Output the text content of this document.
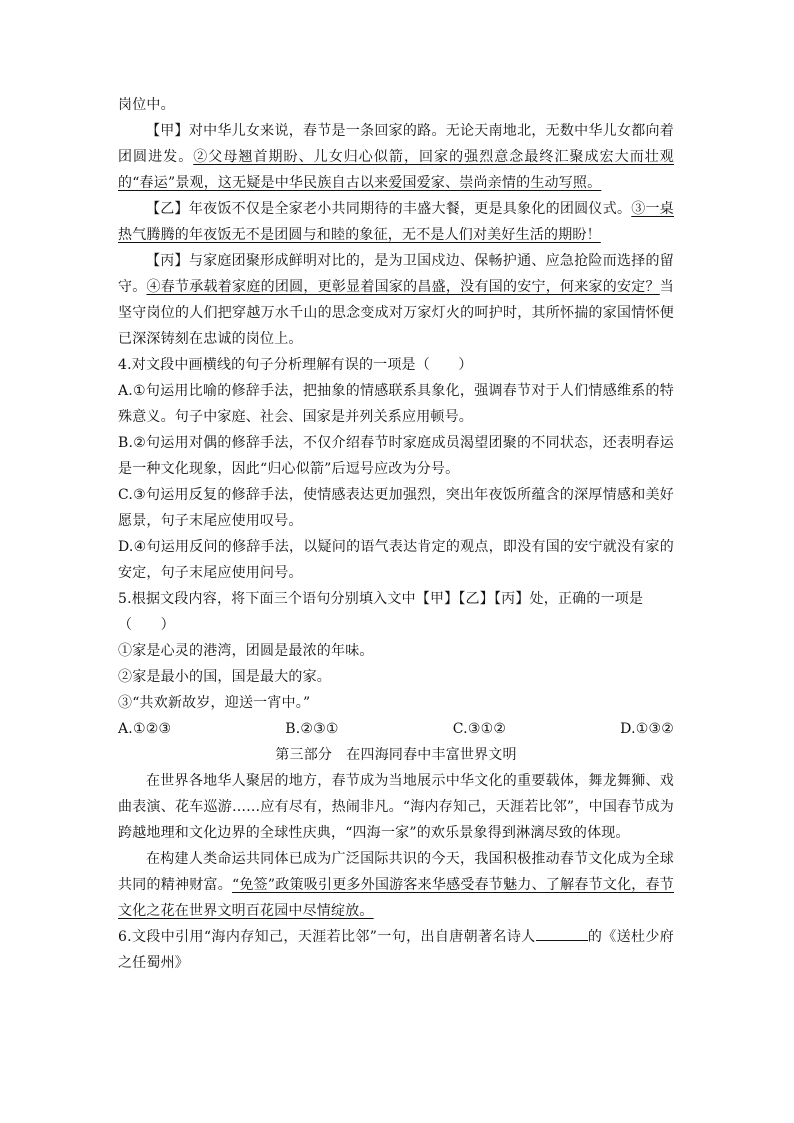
岗位中。
【甲】对中华儿女来说，春节是一条回家的路。无论天南地北，无数中华儿女都向着团圆进发。②父母翘首期盼、儿女归心似箭，回家的强烈意念最终汇聚成宏大而壮观的“春运”景观，这无疑是中华民族自古以来爱国爱家、崇尚亲情的生动写照。
【乙】年夜饭不仅是全家老小共同期待的丰盛大餐，更是具象化的团圆仪式。③一桌热气腾腾的年夜饭无不是团圆与和睦的象征，无不是人们对美好生活的期盼！
【丙】与家庭团聚形成鲜明对比的，是为卫国戍边、保畅护通、应急抢险而选择的留守。④春节承载着家庭的团圆，更彰显着国家的昌盛，没有国的安宁，何来家的安定？当坚守岗位的人们把穿越万水千山的思念变成对万家灯火的呵护时，其所怀揣的家国情怀便已深深铸刻在忠诚的岗位上。
4.对文段中画横线的句子分析理解有误的一项是（　　）
A.①句运用比喻的修辞手法，把抽象的情感联系具象化，强调春节对于人们情感维系的特殊意义。句子中家庭、社会、国家是并列关系应用顿号。
B.②句运用对偶的修辞手法，不仅介绍春节时家庭成员渴望团聚的不同状态，还表明春运是一种文化现象，因此“归心似箭”后逗号应改为分号。
C.③句运用反复的修辞手法，使情感表达更加强烈，突出年夜饭所蕴含的深厚情感和美好愿景，句子末尾应使用叹号。
D.④句运用反问的修辞手法，以疑问的语气表达肯定的观点，即没有国的安宁就没有家的安定，句子末尾应使用问号。
5.根据文段内容，将下面三个语句分别填入文中【甲】【乙】【丙】处，正确的一项是
（　　）
①家是心灵的港湾，团圆是最浓的年味。
②家是最小的国，国是最大的家。
③“共欢新故岁，迎送一宵中。”
A.①②③	B.②③①	C.③①②	D.①③②
第三部分　在四海同春中丰富世界文明
在世界各地华人聚居的地方，春节成为当地展示中华文化的重要载体，舞龙舞狮、戏曲表演、花车巡游……应有尽有，热闹非凡。“海内存知己，天涯若比邻”，中国春节成为跨越地理和文化边界的全球性庆典，“四海一家”的欢乐景象得到淋漓尽致的体现。
在构建人类命运共同体已成为广泛国际共识的今天，我国积极推动春节文化成为全球共同的精神财富。“免签”政策吸引更多外国游客来华感受春节魅力、了解春节文化，春节文化之花在世界文明百花园中尽情绽放。
6.文段中引用“海内存知己，天涯若比邻”一句，出自唐朝著名诗人	的《送杜少府之任蜀州》
